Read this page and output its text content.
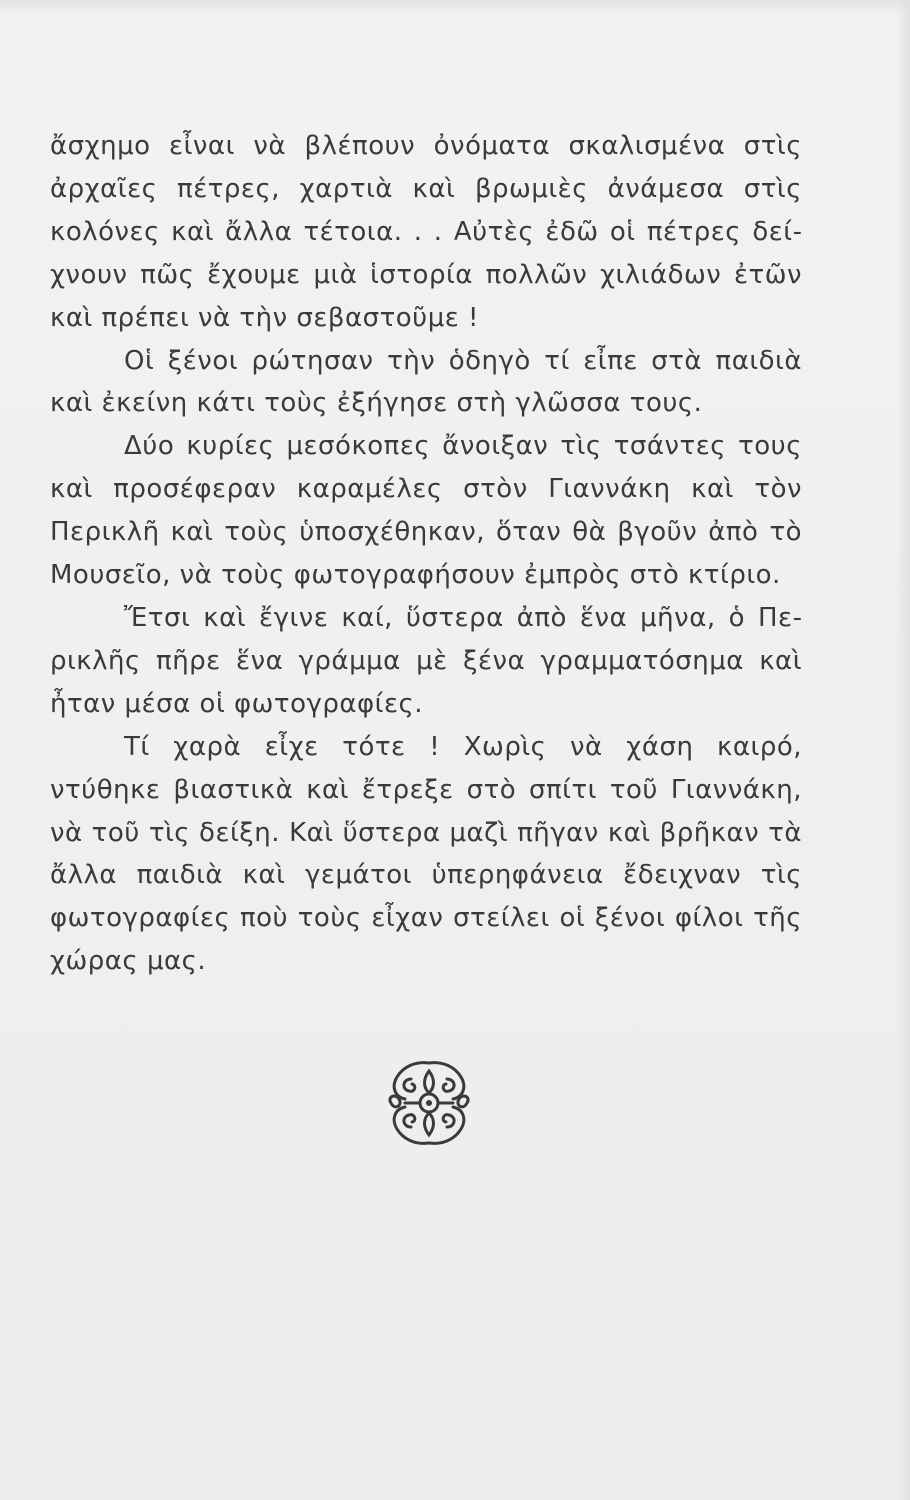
ἄσχημο εἶναι νὰ βλέπουν ὀνόματα σκαλισμένα στὶς ἀρχαῖες πέτρες, χαρτιὰ καὶ βρωμιὲς ἀνάμεσα στὶς κολόνες καὶ ἄλλα τέτοια. . . Αὐτὲς ἐδῶ οἱ πέτρες δείχνουν πῶς ἔχουμε μιὰ ἱστορία πολλῶν χιλιάδων ἐτῶν καὶ πρέπει νὰ τὴν σεβαστοῦμε !

Οἱ ξένοι ρώτησαν τὴν ὁδηγὸ τί εἶπε στὰ παιδιὰ καὶ ἐκείνη κάτι τοὺς ἐξήγησε στὴ γλῶσσα τους.

Δύο κυρίες μεσόκοπες ἄνοιξαν τὶς τσάντες τους καὶ προσέφεραν καραμέλες στὸν Γιαννάκη καὶ τὸν Περικλῆ καὶ τοὺς ὑποσχέθηκαν, ὅταν θὰ βγοῦν ἀπὸ τὸ Μουσεῖο, νὰ τοὺς φωτογραφήσουν ἐμπρὸς στὸ κτίριο.

Ἔτσι καὶ ἔγινε καί, ὕστερα ἀπὸ ἕνα μῆνα, ὁ Περικλῆς πῆρε ἕνα γράμμα μὲ ξένα γραμματόσημα καὶ ἦταν μέσα οἱ φωτογραφίες.

Τί χαρὰ εἶχε τότε ! Χωρὶς νὰ χάση καιρό, ντύθηκε βιαστικὰ καὶ ἔτρεξε στὸ σπίτι τοῦ Γιαννάκη, νὰ τοῦ τὶς δείξη. Καὶ ὕστερα μαζὶ πῆγαν καὶ βρῆκαν τὰ ἄλλα παιδιὰ καὶ γεμάτοι ὑπερηφάνεια ἔδειχναν τὶς φωτογραφίες ποὺ τοὺς εἶχαν στείλει οἱ ξένοι φίλοι τῆς χώρας μας.
